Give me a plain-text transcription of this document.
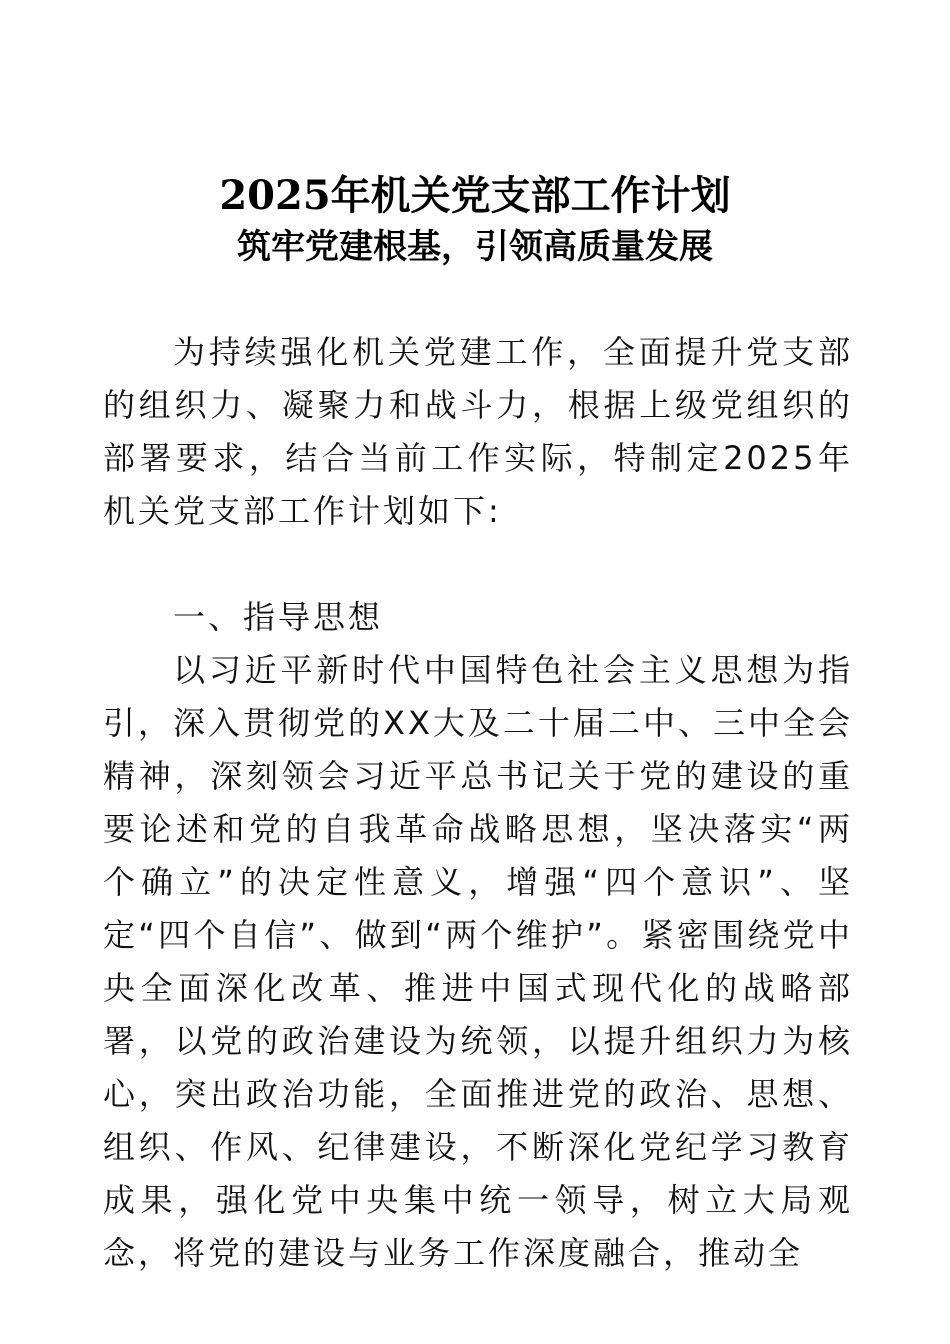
2025年机关党支部工作计划
筑牢党建根基，引领高质量发展

为持续强化机关党建工作，全面提升党支部的组织力、凝聚力和战斗力，根据上级党组织的部署要求，结合当前工作实际，特制定2025年机关党支部工作计划如下:

一、指导思想

以习近平新时代中国特色社会主义思想为指引，深入贯彻党的XX大及二十届二中、三中全会精神，深刻领会习近平总书记关于党的建设的重要论述和党的自我革命战略思想，坚决落实“两个确立”的决定性意义，增强“四个意识”、坚定“四个自信”、做到“两个维护”。紧密围绕党中央全面深化改革、推进中国式现代化的战略部署，以党的政治建设为统领，以提升组织力为核心，突出政治功能，全面推进党的政治、思想、组织、作风、纪律建设，不断深化党纪学习教育成果，强化党中央集中统一领导，树立大局观念，将党的建设与业务工作深度融合，推动全
